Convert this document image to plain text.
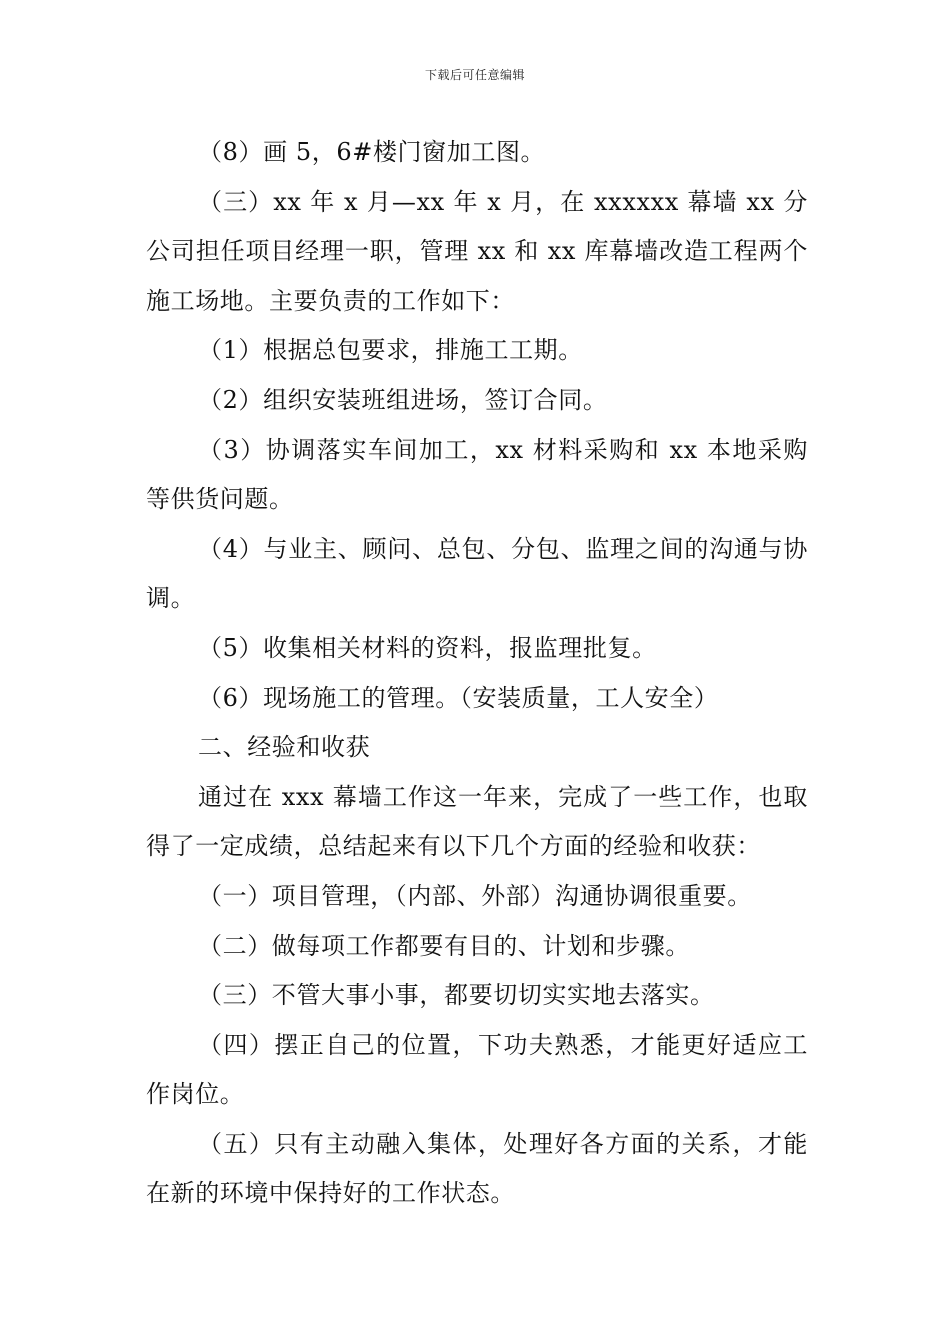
下载后可任意编辑

（8）画 5，6#楼门窗加工图。

（三）xx 年 x 月—xx 年 x 月，在 xxxxxx 幕墙 xx 分公司担任项目经理一职，管理 xx 和 xx 库幕墙改造工程两个施工场地。主要负责的工作如下：

（1）根据总包要求，排施工工期。

（2）组织安装班组进场，签订合同。

（3）协调落实车间加工，xx 材料采购和 xx 本地采购等供货问题。

（4）与业主、顾问、总包、分包、监理之间的沟通与协调。

（5）收集相关材料的资料，报监理批复。

（6）现场施工的管理。（安装质量，工人安全）

二、经验和收获

通过在 xxx 幕墙工作这一年来，完成了一些工作，也取得了一定成绩，总结起来有以下几个方面的经验和收获：

（一）项目管理，（内部、外部）沟通协调很重要。

（二）做每项工作都要有目的、计划和步骤。

（三）不管大事小事，都要切切实实地去落实。

（四）摆正自己的位置，下功夫熟悉，才能更好适应工作岗位。

（五）只有主动融入集体，处理好各方面的关系，才能在新的环境中保持好的工作状态。
